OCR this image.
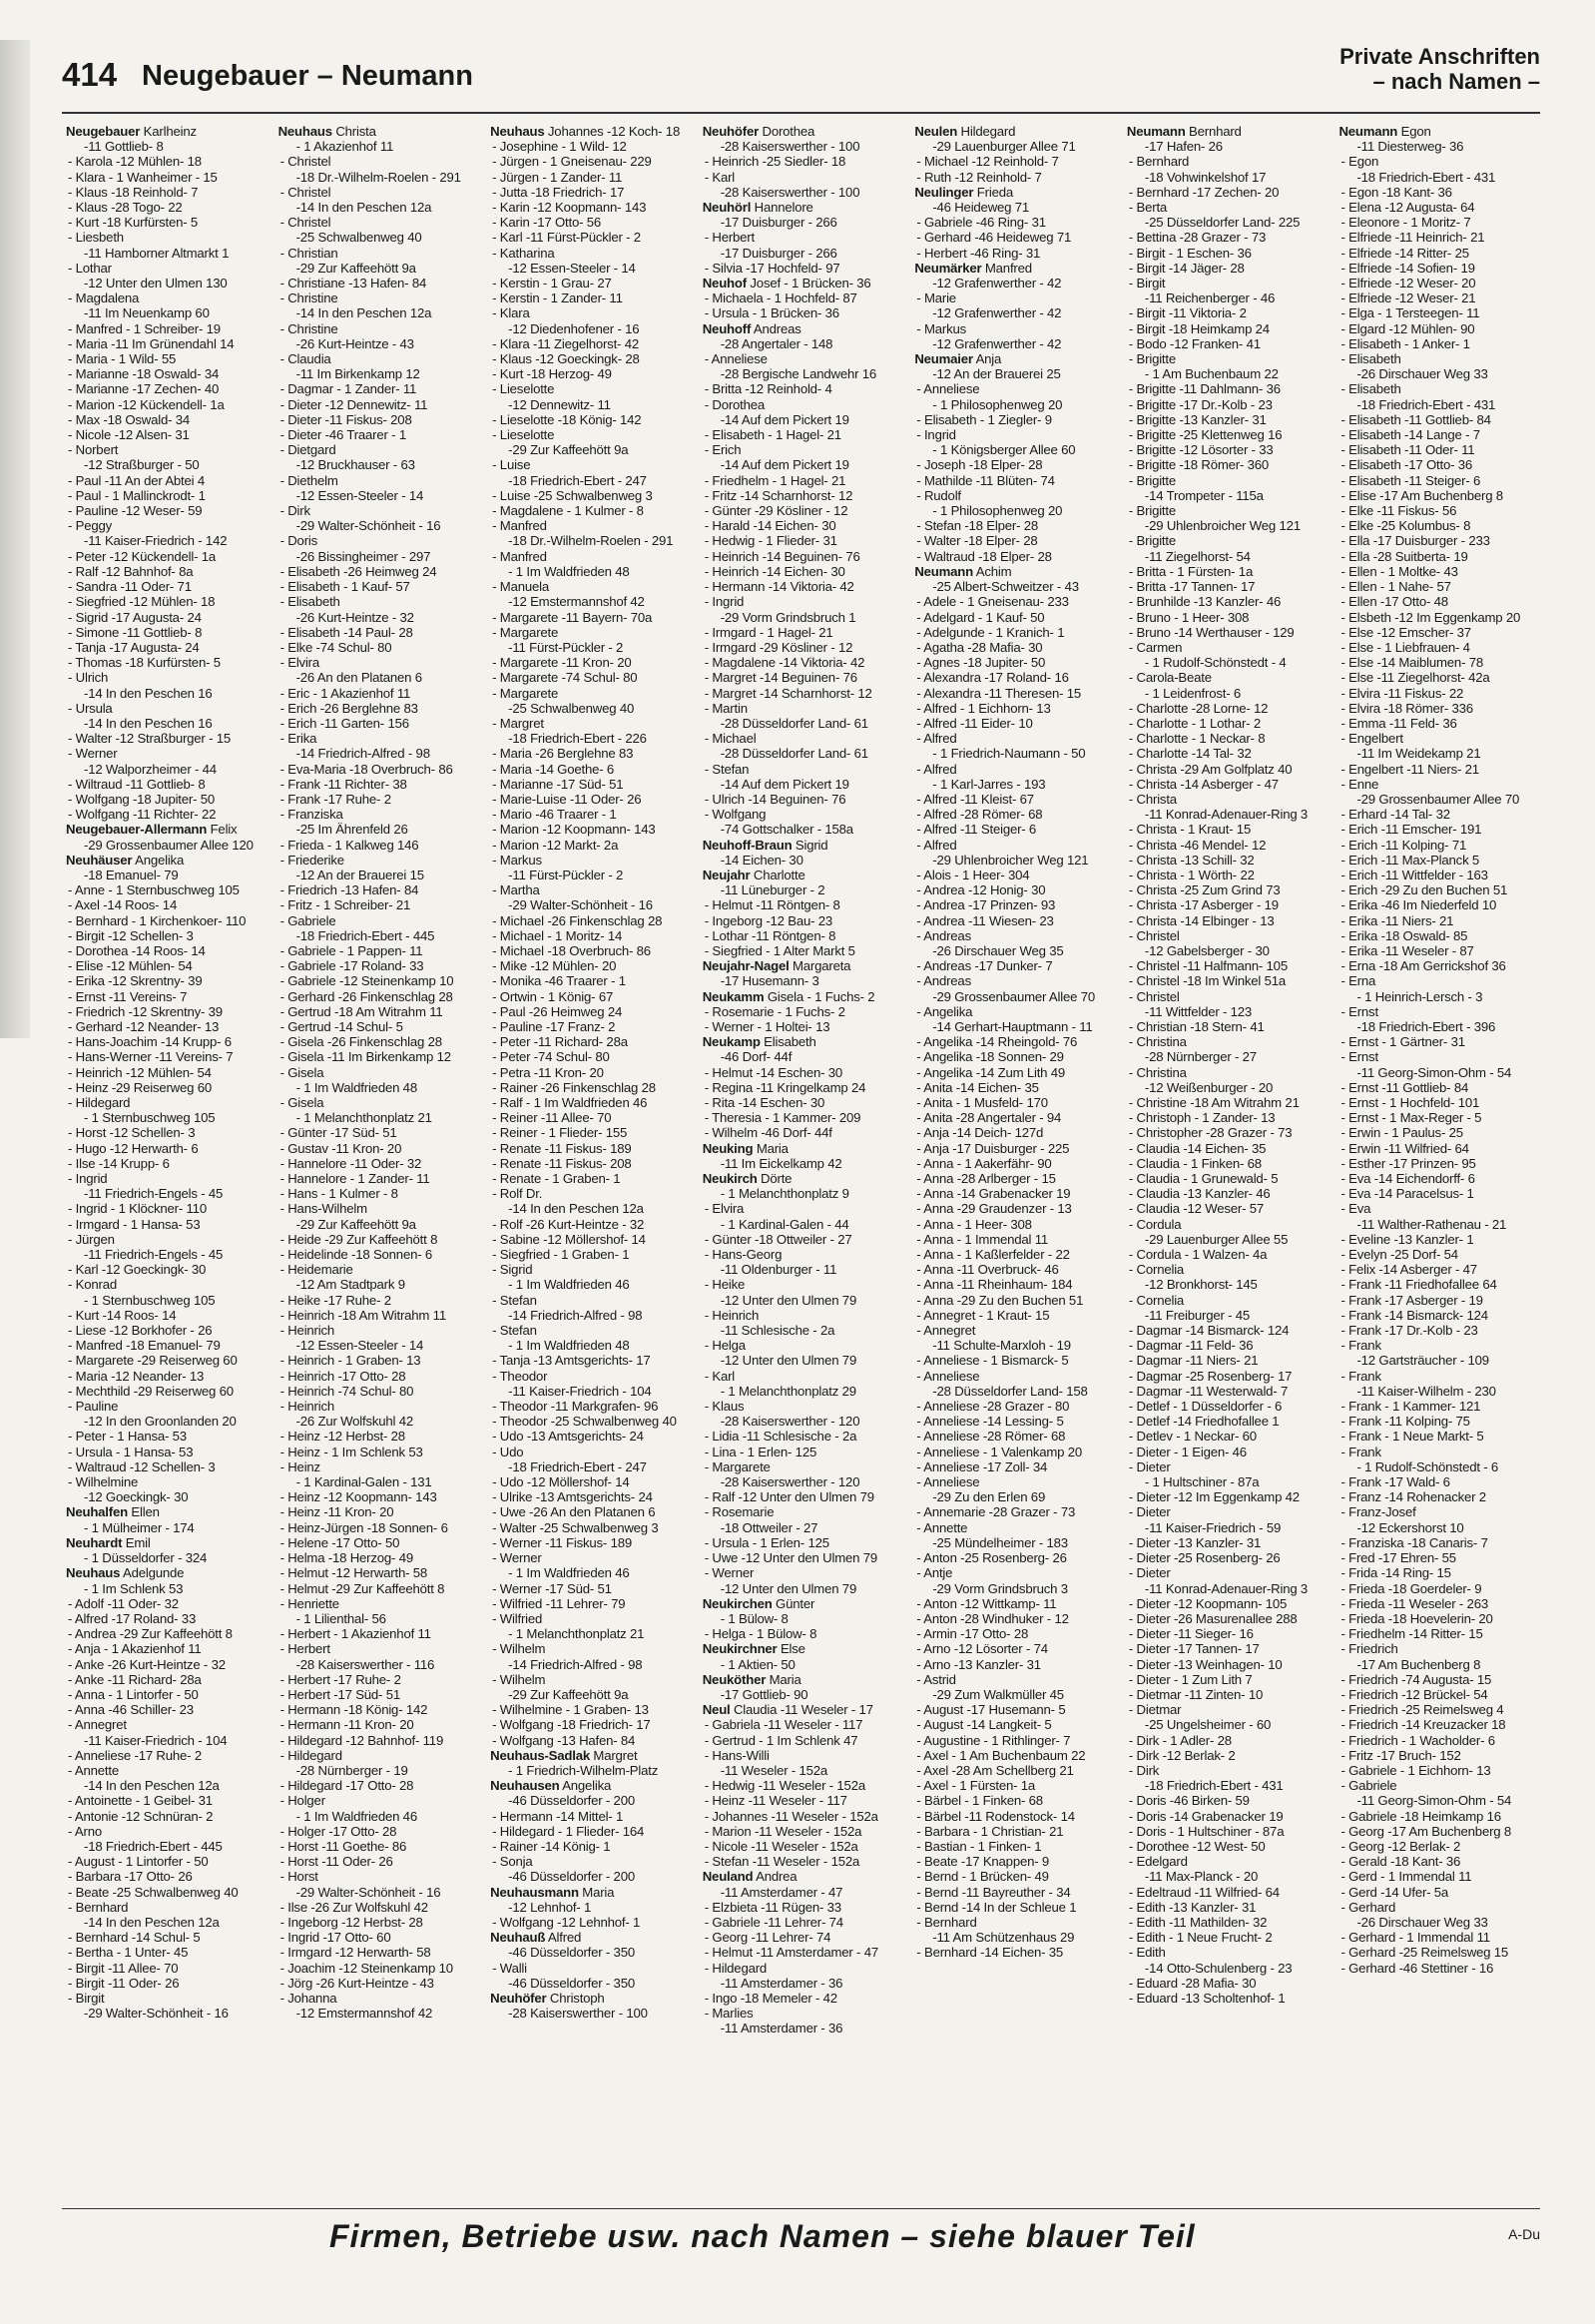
414 Neugebauer – Neumann
Private Anschriften
– nach Namen –
Neugebauer Karlheinz
-11 Gottlieb- 8
- Karola -12 Mühlen- 18
- Klara - 1 Wanheimer - 15
- Klaus -18 Reinhold- 7
- Klaus -28 Togo- 22
- Kurt -18 Kurfürsten- 5
- Liesbeth
-11 Hamborner Altmarkt 1
- Lothar
-12 Unter den Ulmen 130
- Magdalena
-11 Im Neuenkamp 60
- Manfred - 1 Schreiber- 19
- Maria -11 Im Grünendahl 14
- Maria - 1 Wild- 55
- Marianne -18 Oswald- 34
- Marianne -17 Zechen- 40
- Marion -12 Kückendell- 1a
- Max -18 Oswald- 34
- Nicole -12 Alsen- 31
- Norbert
-12 Straßburger - 50
- Paul -11 An der Abtei 4
- Paul - 1 Mallinckrodt- 1
- Pauline -12 Weser- 59
- Peggy
-11 Kaiser-Friedrich - 142
- Peter -12 Kückendell- 1a
- Ralf -12 Bahnhof- 8a
- Sandra -11 Oder- 71
- Siegfried -12 Mühlen- 18
- Sigrid -17 Augusta- 24
- Simone -11 Gottlieb- 8
- Tanja -17 Augusta- 24
- Thomas -18 Kurfürsten- 5
- Ulrich
-14 In den Peschen 16
- Ursula
-14 In den Peschen 16
- Walter -12 Straßburger - 15
- Werner
-12 Walporzheimer - 44
- Wiltraud -11 Gottlieb- 8
- Wolfgang -18 Jupiter- 50
- Wolfgang -11 Richter- 22
Neugebauer-Allermann Felix
-29 Grossenbaumer Allee 120
Neuhäuser Angelika
-18 Emanuel- 79
- Anne - 1 Sternbuschweg 105
- Axel -14 Roos- 14
- Bernhard - 1 Kirchenkoer- 110
- Birgit -12 Schellen- 3
- Dorothea -14 Roos- 14
- Elise -12 Mühlen- 54
- Erika -12 Skrentny- 39
- Ernst -11 Vereins- 7
- Friedrich -12 Skrentny- 39
- Gerhard -12 Neander- 13
- Hans-Joachim -14 Krupp- 6
- Hans-Werner -11 Vereins- 7
- Heinrich -12 Mühlen- 54
- Heinz -29 Reiserweg 60
- Hildegard
- 1 Sternbuschweg 105
- Horst -12 Schellen- 3
- Hugo -12 Herwarth- 6
- Ilse -14 Krupp- 6
- Ingrid
-11 Friedrich-Engels - 45
- Ingrid - 1 Klöckner- 110
- Irmgard - 1 Hansa- 53
- Jürgen
-11 Friedrich-Engels - 45
- Karl -12 Goeckingk- 30
- Konrad
- 1 Sternbuschweg 105
- Kurt -14 Roos- 14
- Liese -12 Borkhofer - 26
- Manfred -18 Emanuel- 79
- Margarete -29 Reiserweg 60
- Maria -12 Neander- 13
- Mechthild -29 Reiserweg 60
- Pauline
-12 In den Groonlanden 20
- Peter - 1 Hansa- 53
- Ursula - 1 Hansa- 53
- Waltraud -12 Schellen- 3
- Wilhelmine
-12 Goeckingk- 30
Neuhalfen Ellen
- 1 Mülheimer - 174
Neuhardt Emil
- 1 Düsseldorfer - 324
Neuhaus Adelgunde
- 1 Im Schlenk 53
- Adolf -11 Oder- 32
- Alfred -17 Roland- 33
- Andrea -29 Zur Kaffeehött 8
- Anja - 1 Akazienhof 11
- Anke -26 Kurt-Heintze - 32
- Anke -11 Richard- 28a
- Anna - 1 Lintorfer - 50
- Anna -46 Schiller- 23
- Annegret
-11 Kaiser-Friedrich - 104
- Anneliese -17 Ruhe- 2
- Annette
-14 In den Peschen 12a
- Antoinette - 1 Geibel- 31
- Antonie -12 Schnüran- 2
- Arno
-18 Friedrich-Ebert - 445
- August - 1 Lintorfer - 50
- Barbara -17 Otto- 26
- Beate -25 Schwalbenweg 40
- Bernhard
-14 In den Peschen 12a
- Bernhard -14 Schul- 5
- Bertha - 1 Unter- 45
- Birgit -11 Allee- 70
- Birgit -11 Oder- 26
- Birgit
-29 Walter-Schönheit - 16
Neuhaus Christa
- 1 Akazienhof 11
- Christel
-18 Dr.-Wilhelm-Roelen - 291
- Christel
-14 In den Peschen 12a
- Christel
-25 Schwalbenweg 40
- Christian
-29 Zur Kaffeehött 9a
- Christiane -13 Hafen- 84
- Christine
-14 In den Peschen 12a
- Christine
-26 Kurt-Heintze - 43
- Claudia
-11 Im Birkenkamp 12
- Dagmar - 1 Zander- 11
- Dieter -12 Dennewitz- 11
- Dieter -11 Fiskus- 208
- Dieter -46 Traarer - 1
- Dietgard
-12 Bruckhauser - 63
- Diethelm
-12 Essen-Steeler - 14
- Dirk
-29 Walter-Schönheit - 16
- Doris
-26 Bissingheimer - 297
- Elisabeth -26 Heimweg 24
- Elisabeth - 1 Kauf- 57
- Elisabeth
-26 Kurt-Heintze - 32
- Elisabeth -14 Paul- 28
- Elke -74 Schul- 80
- Elvira
-26 An den Platanen 6
- Eric - 1 Akazienhof 11
- Erich -26 Berglehne 83
- Erich -11 Garten- 156
- Erika
-14 Friedrich-Alfred - 98
- Eva-Maria -18 Overbruch- 86
- Frank -11 Richter- 38
- Frank -17 Ruhe- 2
- Franziska
-25 Im Ährenfeld 26
- Frieda - 1 Kalkweg 146
- Friederike
-12 An der Brauerei 15
- Friedrich -13 Hafen- 84
- Fritz - 1 Schreiber- 21
- Gabriele
-18 Friedrich-Ebert - 445
- Gabriele - 1 Pappen- 11
- Gabriele -17 Roland- 33
- Gabriele -12 Steinenkamp 10
- Gerhard -26 Finkenschlag 28
- Gertrud -18 Am Witrahm 11
- Gertrud -14 Schul- 5
- Gisela -26 Finkenschlag 28
- Gisela -11 Im Birkenkamp 12
- Gisela
- 1 Im Waldfrieden 48
- Gisela
- 1 Melanchthonplatz 21
- Günter -17 Süd- 51
- Gustav -11 Kron- 20
- Hannelore -11 Oder- 32
- Hannelore - 1 Zander- 11
- Hans - 1 Kulmer - 8
- Hans-Wilhelm
-29 Zur Kaffeehött 9a
- Heide -29 Zur Kaffeehött 8
- Heidelinde -18 Sonnen- 6
- Heidemarie
-12 Am Stadtpark 9
- Heike -17 Ruhe- 2
- Heinrich -18 Am Witrahm 11
- Heinrich
-12 Essen-Steeler - 14
- Heinrich - 1 Graben- 13
- Heinrich -17 Otto- 28
- Heinrich -74 Schul- 80
- Heinrich
-26 Zur Wolfskuhl 42
- Heinz -12 Herbst- 28
- Heinz - 1 Im Schlenk 53
- Heinz
- 1 Kardinal-Galen - 131
- Heinz -12 Koopmann- 143
- Heinz -11 Kron- 20
- Heinz-Jürgen -18 Sonnen- 6
- Helene -17 Otto- 50
- Helma -18 Herzog- 49
- Helmut -12 Herwarth- 58
- Helmut -29 Zur Kaffeehött 8
- Henriette
- 1 Lilienthal- 56
- Herbert - 1 Akazienhof 11
- Herbert
-28 Kaiserswerther - 116
- Herbert -17 Ruhe- 2
- Herbert -17 Süd- 51
- Hermann -18 König- 142
- Hermann -11 Kron- 20
- Hildegard -12 Bahnhof- 119
- Hildegard
-28 Nürnberger - 19
- Hildegard -17 Otto- 28
- Holger
- 1 Im Waldfrieden 46
- Holger -17 Otto- 28
- Horst -11 Goethe- 86
- Horst -11 Oder- 26
- Horst
-29 Walter-Schönheit - 16
- Ilse -26 Zur Wolfskuhl 42
- Ingeborg -12 Herbst- 28
- Ingrid -17 Otto- 60
- Irmgard -12 Herwarth- 58
- Joachim -12 Steinenkamp 10
- Jörg -26 Kurt-Heintze - 43
- Johanna
-12 Emstermannshof 42
Neuhaus Johannes -12 Koch- 18
- Josephine - 1 Wild- 12
- Jürgen - 1 Gneisenau- 229
- Jürgen - 1 Zander- 11
- Jutta -18 Friedrich- 17
- Karin -12 Koopmann- 143
- Karin -17 Otto- 56
- Karl -11 Fürst-Pückler - 2
- Katharina
-12 Essen-Steeler - 14
- Kerstin - 1 Grau- 27
- Kerstin - 1 Zander- 11
- Klara
-12 Diedenhofener - 16
- Klara -11 Ziegelhorst- 42
- Klaus -12 Goeckingk- 28
- Kurt -18 Herzog- 49
- Lieselotte
-12 Dennewitz- 11
- Lieselotte -18 König- 142
- Lieselotte
-29 Zur Kaffeehött 9a
- Luise
-18 Friedrich-Ebert - 247
- Luise -25 Schwalbenweg 3
- Magdalene - 1 Kulmer - 8
- Manfred
-18 Dr.-Wilhelm-Roelen - 291
- Manfred
- 1 Im Waldfrieden 48
- Manuela
-12 Emstermannshof 42
- Margarete -11 Bayern- 70a
- Margarete
-11 Fürst-Pückler - 2
- Margarete -11 Kron- 20
- Margarete -74 Schul- 80
- Margarete
-25 Schwalbenweg 40
- Margret
-18 Friedrich-Ebert - 226
- Maria -26 Berglehne 83
- Maria -14 Goethe- 6
- Marianne -17 Süd- 51
- Marie-Luise -11 Oder- 26
- Mario -46 Traarer - 1
- Marion -12 Koopmann- 143
- Marion -12 Markt- 2a
- Markus
-11 Fürst-Pückler - 2
- Martha
-29 Walter-Schönheit - 16
- Michael -26 Finkenschlag 28
- Michael - 1 Moritz- 14
- Michael -18 Overbruch- 86
- Mike -12 Mühlen- 20
- Monika -46 Traarer - 1
- Ortwin - 1 König- 67
- Paul -26 Heimweg 24
- Pauline -17 Franz- 2
- Peter -11 Richard- 28a
- Peter -74 Schul- 80
- Petra -11 Kron- 20
- Rainer -26 Finkenschlag 28
- Ralf - 1 Im Waldfrieden 46
- Reiner -11 Allee- 70
- Reiner - 1 Flieder- 155
- Renate -11 Fiskus- 189
- Renate -11 Fiskus- 208
- Renate - 1 Graben- 1
- Rolf Dr.
-14 In den Peschen 12a
- Rolf -26 Kurt-Heintze - 32
- Sabine -12 Möllershof- 14
- Siegfried - 1 Graben- 1
- Sigrid
- 1 Im Waldfrieden 46
- Stefan
-14 Friedrich-Alfred - 98
- Stefan
- 1 Im Waldfrieden 48
- Tanja -13 Amtsgerichts- 17
- Theodor
-11 Kaiser-Friedrich - 104
- Theodor -11 Markgrafen- 96
- Theodor -25 Schwalbenweg 40
- Udo -13 Amtsgerichts- 24
- Udo
-18 Friedrich-Ebert - 247
- Udo -12 Möllershof- 14
- Ulrike -13 Amtsgerichts- 24
- Uwe -26 An den Platanen 6
- Walter -25 Schwalbenweg 3
- Werner -11 Fiskus- 189
- Werner
- 1 Im Waldfrieden 46
- Werner -17 Süd- 51
- Wilfried -11 Lehrer- 79
- Wilfried
- 1 Melanchthonplatz 21
- Wilhelm
-14 Friedrich-Alfred - 98
- Wilhelm
-29 Zur Kaffeehött 9a
- Wilhelmine - 1 Graben- 13
- Wolfgang -18 Friedrich- 17
- Wolfgang -13 Hafen- 84
Neuhaus-Sadlak Margret
- 1 Friedrich-Wilhelm-Platz
Neuhausen Angelika
-46 Düsseldorfer - 200
- Hermann -14 Mittel- 1
- Hildegard - 1 Flieder- 164
- Rainer -14 König- 1
- Sonja
-46 Düsseldorfer - 200
Neuhausmann Maria
-12 Lehnhof- 1
- Wolfgang -12 Lehnhof- 1
Neuhauß Alfred
-46 Düsseldorfer - 350
- Walli
-46 Düsseldorfer - 350
Neuhöfer Christoph
-28 Kaiserswerther - 100
Neuhöfer Dorothea
-28 Kaiserswerther - 100
- Heinrich -25 Siedler- 18
- Karl
-28 Kaiserswerther - 100
Neuhörl Hannelore
-17 Duisburger - 266
- Herbert
-17 Duisburger - 266
- Silvia -17 Hochfeld- 97
Neuhof Josef - 1 Brücken- 36
- Michaela - 1 Hochfeld- 87
- Ursula - 1 Brücken- 36
Neuhoff Andreas
-28 Angertaler - 148
- Anneliese
-28 Bergische Landwehr 16
- Britta -12 Reinhold- 4
- Dorothea
-14 Auf dem Pickert 19
- Elisabeth - 1 Hagel- 21
- Erich
-14 Auf dem Pickert 19
- Friedhelm - 1 Hagel- 21
- Fritz -14 Scharnhorst- 12
- Günter -29 Kösliner - 12
- Harald -14 Eichen- 30
- Hedwig - 1 Flieder- 31
- Heinrich -14 Beguinen- 76
- Heinrich -14 Eichen- 30
- Hermann -14 Viktoria- 42
- Ingrid
-29 Vorm Grindsbruch 1
- Irmgard - 1 Hagel- 21
- Irmgard -29 Kösliner - 12
- Magdalene -14 Viktoria- 42
- Margret -14 Beguinen- 76
- Margret -14 Scharnhorst- 12
- Martin
-28 Düsseldorfer Land- 61
- Michael
-28 Düsseldorfer Land- 61
- Stefan
-14 Auf dem Pickert 19
- Ulrich -14 Beguinen- 76
- Wolfgang
-74 Gottschalker - 158a
Neuhoff-Braun Sigrid
-14 Eichen- 30
Neujahr Charlotte
-11 Lüneburger - 2
- Helmut -11 Röntgen- 8
- Ingeborg -12 Bau- 23
- Lothar -11 Röntgen- 8
- Siegfried - 1 Alter Markt 5
Neujahr-Nagel Margareta
-17 Husemann- 3
Neukamm Gisela - 1 Fuchs- 2
- Rosemarie - 1 Fuchs- 2
- Werner - 1 Holtei- 13
Neukamp Elisabeth
-46 Dorf- 44f
- Helmut -14 Eschen- 30
- Regina -11 Kringelkamp 24
- Rita -14 Eschen- 30
- Theresia - 1 Kammer- 209
- Wilhelm -46 Dorf- 44f
Neuking Maria
-11 Im Eickelkamp 42
Neukirch Dörte
- 1 Melanchthonplatz 9
- Elvira
- 1 Kardinal-Galen - 44
- Günter -18 Ottweiler - 27
- Hans-Georg
-11 Oldenburger - 11
- Heike
-12 Unter den Ulmen 79
- Heinrich
-11 Schlesische - 2a
- Helga
-12 Unter den Ulmen 79
- Karl
- 1 Melanchthonplatz 29
- Klaus
-28 Kaiserswerther - 120
- Lidia -11 Schlesische - 2a
- Lina - 1 Erlen- 125
- Margarete
-28 Kaiserswerther - 120
- Ralf -12 Unter den Ulmen 79
- Rosemarie
-18 Ottweiler - 27
- Ursula - 1 Erlen- 125
- Uwe -12 Unter den Ulmen 79
- Werner
-12 Unter den Ulmen 79
Neukirchen Günter
- 1 Bülow- 8
- Helga - 1 Bülow- 8
Neukirchner Else
- 1 Aktien- 50
Neuköther Maria
-17 Gottlieb- 90
Neul Claudia -11 Weseler - 17
- Gabriela -11 Weseler - 117
- Gertrud - 1 Im Schlenk 47
- Hans-Willi
-11 Weseler - 152a
- Hedwig -11 Weseler - 152a
- Heinz -11 Weseler - 117
- Johannes -11 Weseler - 152a
- Marion -11 Weseler - 152a
- Nicole -11 Weseler - 152a
- Stefan -11 Weseler - 152a
Neuland Andrea
-11 Amsterdamer - 47
- Elzbieta -11 Rügen- 33
- Gabriele -11 Lehrer- 74
- Georg -11 Lehrer- 74
- Helmut -11 Amsterdamer - 47
- Hildegard
-11 Amsterdamer - 36
- Ingo -18 Memeler - 42
- Marlies
-11 Amsterdamer - 36
Neulen Hildegard
-29 Lauenburger Allee 71
- Michael -12 Reinhold- 7
- Ruth -12 Reinhold- 7
Neulinger Frieda
-46 Heideweg 71
- Gabriele -46 Ring- 31
- Gerhard -46 Heideweg 71
- Herbert -46 Ring- 31
Neumärker Manfred
-12 Grafenwerther - 42
- Marie
-12 Grafenwerther - 42
- Markus
-12 Grafenwerther - 42
Neumaier Anja
-12 An der Brauerei 25
- Anneliese
- 1 Philosophenweg 20
- Elisabeth - 1 Ziegler- 9
- Ingrid
- 1 Königsberger Allee 60
- Joseph -18 Elper- 28
- Mathilde -11 Blüten- 74
- Rudolf
- 1 Philosophenweg 20
- Stefan -18 Elper- 28
- Walter -18 Elper- 28
- Waltraud -18 Elper- 28
Neumann Achim
-25 Albert-Schweitzer - 43
- Adele - 1 Gneisenau- 233
- Adelgard - 1 Kauf- 50
- Adelgunde - 1 Kranich- 1
- Agatha -28 Mafia- 30
- Agnes -18 Jupiter- 50
- Alexandra -17 Roland- 16
- Alexandra -11 Theresen- 15
- Alfred - 1 Eichhorn- 13
- Alfred -11 Eider- 10
- Alfred
- 1 Friedrich-Naumann - 50
- Alfred
- 1 Karl-Jarres - 193
- Alfred -11 Kleist- 67
- Alfred -28 Römer- 68
- Alfred -11 Steiger- 6
- Alfred
-29 Uhlenbroicher Weg 121
- Alois - 1 Heer- 304
- Andrea -12 Honig- 30
- Andrea -17 Prinzen- 93
- Andrea -11 Wiesen- 23
- Andreas
-26 Dirschauer Weg 35
- Andreas -17 Dunker- 7
- Andreas
-29 Grossenbaumer Allee 70
- Angelika
-14 Gerhart-Hauptmann - 11
- Angelika -14 Rheingold- 76
- Angelika -18 Sonnen- 29
- Angelika -14 Zum Lith 49
- Anita -14 Eichen- 35
- Anita - 1 Musfeld- 170
- Anita -28 Angertaler - 94
- Anja -14 Deich- 127d
- Anja -17 Duisburger - 225
- Anna - 1 Aakerfähr- 90
- Anna -28 Arlberger - 15
- Anna -14 Grabenacker 19
- Anna -29 Graudenzer - 13
- Anna - 1 Heer- 308
- Anna - 1 Immendal 11
- Anna - 1 Kaßlerfelder - 22
- Anna -11 Overbruck- 46
- Anna -11 Rheinhaum- 184
- Anna -29 Zu den Buchen 51
- Annegret - 1 Kraut- 15
- Annegret
-11 Schulte-Marxloh - 19
- Anneliese - 1 Bismarck- 5
- Anneliese
-28 Düsseldorfer Land- 158
- Anneliese -28 Grazer - 80
- Anneliese -14 Lessing- 5
- Anneliese -28 Römer- 68
- Anneliese - 1 Valenkamp 20
- Anneliese -17 Zoll- 34
- Anneliese
-29 Zu den Erlen 69
- Annemarie -28 Grazer - 73
- Annette
-25 Mündelheimer - 183
- Anton -25 Rosenberg- 26
- Antje
-29 Vorm Grindsbruch 3
- Anton -12 Wittkamp- 11
- Anton -28 Windhuker - 12
- Armin -17 Otto- 28
- Arno -12 Lösorter - 74
- Arno -13 Kanzler- 31
- Astrid
-29 Zum Walkmüller 45
- August -17 Husemann- 5
- August -14 Langkeit- 5
- Augustine - 1 Rithlinger- 7
- Axel - 1 Am Buchenbaum 22
- Axel -28 Am Schellberg 21
- Axel - 1 Fürsten- 1a
- Bärbel - 1 Finken- 68
- Bärbel -11 Rodenstock- 14
- Barbara - 1 Christian- 21
- Bastian - 1 Finken- 1
- Beate -17 Knappen- 9
- Bernd - 1 Brücken- 49
- Bernd -11 Bayreuther - 34
- Bernd -14 In der Schleue 1
- Bernhard
-11 Am Schützenhaus 29
- Bernhard -14 Eichen- 35
Neumann Bernhard
-17 Hafen- 26
- Bernhard
-18 Vohwinkelshof 17
- Bernhard -17 Zechen- 20
- Berta
-25 Düsseldorfer Land- 225
- Bettina -28 Grazer - 73
- Birgit - 1 Eschen- 36
- Birgit -14 Jäger- 28
- Birgit
-11 Reichenberger - 46
- Birgit -11 Viktoria- 2
- Birgit -18 Heimkamp 24
- Bodo -12 Franken- 41
- Brigitte
- 1 Am Buchenbaum 22
- Brigitte -11 Dahlmann- 36
- Brigitte -17 Dr.-Kolb - 23
- Brigitte -13 Kanzler- 31
- Brigitte -25 Klettenweg 16
- Brigitte -12 Lösorter - 33
- Brigitte -18 Römer- 360
- Brigitte
-14 Trompeter - 115a
- Brigitte
-29 Uhlenbroicher Weg 121
- Brigitte
-11 Ziegelhorst- 54
- Britta - 1 Fürsten- 1a
- Britta -17 Tannen- 17
- Brunhilde -13 Kanzler- 46
- Bruno - 1 Heer- 308
- Bruno -14 Werthauser - 129
- Carmen
- 1 Rudolf-Schönstedt - 4
- Carola-Beate
- 1 Leidenfrost- 6
- Charlotte -28 Lorne- 12
- Charlotte - 1 Lothar- 2
- Charlotte - 1 Neckar- 8
- Charlotte -14 Tal- 32
- Christa -29 Am Golfplatz 40
- Christa -14 Asberger - 47
- Christa
-11 Konrad-Adenauer-Ring 3
- Christa - 1 Kraut- 15
- Christa -46 Mendel- 12
- Christa -13 Schill- 32
- Christa - 1 Wörth- 22
- Christa -25 Zum Grind 73
- Christa -17 Asberger - 19
- Christa -14 Elbinger - 13
- Christel
-12 Gabelsberger - 30
- Christel -11 Halfmann- 105
- Christel -18 Im Winkel 51a
- Christel
-11 Wittfelder - 123
- Christian -18 Stern- 41
- Christina
-28 Nürnberger - 27
- Christina
-12 Weißenburger - 20
- Christine -18 Am Witrahm 21
- Christoph - 1 Zander- 13
- Christopher -28 Grazer - 73
- Claudia -14 Eichen- 35
- Claudia - 1 Finken- 68
- Claudia - 1 Grunewald- 5
- Claudia -13 Kanzler- 46
- Claudia -12 Weser- 57
- Cordula
-29 Lauenburger Allee 55
- Cordula - 1 Walzen- 4a
- Cornelia
-12 Bronkhorst- 145
- Cornelia
-11 Freiburger - 45
- Dagmar -14 Bismarck- 124
- Dagmar -11 Feld- 36
- Dagmar -11 Niers- 21
- Dagmar -25 Rosenberg- 17
- Dagmar -11 Westerwald- 7
- Detlef - 1 Düsseldorfer - 6
- Detlef -14 Friedhofallee 1
- Detlev - 1 Neckar- 60
- Dieter - 1 Eigen- 46
- Dieter
- 1 Hultschiner - 87a
- Dieter -12 Im Eggenkamp 42
- Dieter
-11 Kaiser-Friedrich - 59
- Dieter -13 Kanzler- 31
- Dieter -25 Rosenberg- 26
- Dieter
-11 Konrad-Adenauer-Ring 3
- Dieter -12 Koopmann- 105
- Dieter -26 Masurenallee 288
- Dieter -11 Sieger- 16
- Dieter -17 Tannen- 17
- Dieter -13 Weinhagen- 10
- Dieter - 1 Zum Lith 7
- Dietmar -11 Zinten- 10
- Dietmar
-25 Ungelsheimer - 60
- Dirk - 1 Adler- 28
- Dirk -12 Berlak- 2
- Dirk
-18 Friedrich-Ebert - 431
- Doris -46 Birken- 59
- Doris -14 Grabenacker 19
- Doris - 1 Hultschiner - 87a
- Dorothee -12 West- 50
- Edelgard
-11 Max-Planck - 20
- Edeltraud -11 Wilfried- 64
- Edith -13 Kanzler- 31
- Edith -11 Mathilden- 32
- Edith - 1 Neue Frucht- 2
- Edith
-14 Otto-Schulenberg - 23
- Eduard -28 Mafia- 30
- Eduard -13 Scholtenhof- 1
Neumann Egon
-11 Diesterweg- 36
- Egon
-18 Friedrich-Ebert - 431
- Egon -18 Kant- 36
- Elena -12 Augusta- 64
- Eleonore - 1 Moritz- 7
- Elfriede -11 Heinrich- 21
- Elfriede -14 Ritter- 25
- Elfriede -14 Sofien- 19
- Elfriede -12 Weser- 20
- Elfriede -12 Weser- 21
- Elga - 1 Tersteegen- 11
- Elgard -12 Mühlen- 90
- Elisabeth - 1 Anker- 1
- Elisabeth
-26 Dirschauer Weg 33
- Elisabeth
-18 Friedrich-Ebert - 431
- Elisabeth -11 Gottlieb- 84
- Elisabeth -14 Lange - 7
- Elisabeth -11 Oder- 11
- Elisabeth -17 Otto- 36
- Elisabeth -11 Steiger- 6
- Elise -17 Am Buchenberg 8
- Elke -11 Fiskus- 56
- Elke -25 Kolumbus- 8
- Ella -17 Duisburger - 233
- Ella -28 Suitberta- 19
- Ellen - 1 Moltke- 43
- Ellen - 1 Nahe- 57
- Ellen -17 Otto- 48
- Elsbeth -12 Im Eggenkamp 20
- Else -12 Emscher- 37
- Else - 1 Liebfrauen- 4
- Else -14 Maiblumen- 78
- Else -11 Ziegelhorst- 42a
- Elvira -11 Fiskus- 22
- Elvira -18 Römer- 336
- Emma -11 Feld- 36
- Engelbert
-11 Im Weidekamp 21
- Engelbert -11 Niers- 21
- Enne
-29 Grossenbaumer Allee 70
- Erhard -14 Tal- 32
- Erich -11 Emscher- 191
- Erich -11 Kolping- 71
- Erich -11 Max-Planck 5
- Erich -11 Wittfelder - 163
- Erich -29 Zu den Buchen 51
- Erika -46 Im Niederfeld 10
- Erika -11 Niers- 21
- Erika -18 Oswald- 85
- Erika -11 Weseler - 87
- Erna -18 Am Gerrickshof 36
- Erna
- 1 Heinrich-Lersch - 3
- Ernst
-18 Friedrich-Ebert - 396
- Ernst - 1 Gärtner- 31
- Ernst
-11 Georg-Simon-Ohm - 54
- Ernst -11 Gottlieb- 84
- Ernst - 1 Hochfeld- 101
- Ernst - 1 Max-Reger - 5
- Erwin - 1 Paulus- 25
- Erwin -11 Wilfried- 64
- Esther -17 Prinzen- 95
- Eva -14 Eichendorff- 6
- Eva -14 Paracelsus- 1
- Eva
-11 Walther-Rathenau - 21
- Eveline -13 Kanzler- 1
- Evelyn -25 Dorf- 54
- Felix -14 Asberger - 47
- Frank -11 Friedhofallee 64
- Frank -17 Asberger - 19
- Frank -14 Bismarck- 124
- Frank -17 Dr.-Kolb - 23
- Frank
-12 Gartsträucher - 109
- Frank
-11 Kaiser-Wilhelm - 230
- Frank - 1 Kammer- 121
- Frank -11 Kolping- 75
- Frank - 1 Neue Markt- 5
- Frank
- 1 Rudolf-Schönstedt - 6
- Frank -17 Wald- 6
- Franz -14 Rohenacker 2
- Franz-Josef
-12 Eckershorst 10
- Franziska -18 Canaris- 7
- Fred -17 Ehren- 55
- Frida -14 Ring- 15
- Frieda -18 Goerdeler- 9
- Frieda -11 Weseler - 263
- Frieda -18 Hoevelerin- 20
- Friedhelm -14 Ritter- 15
- Friedrich
-17 Am Buchenberg 8
- Friedrich -74 Augusta- 15
- Friedrich -12 Brückel- 54
- Friedrich -25 Reimelsweg 4
- Friedrich -14 Kreuzacker 18
- Friedrich - 1 Wacholder- 6
- Fritz -17 Bruch- 152
- Gabriele - 1 Eichhorn- 13
- Gabriele
-11 Georg-Simon-Ohm - 54
- Gabriele -18 Heimkamp 16
- Georg -17 Am Buchenberg 8
- Georg -12 Berlak- 2
- Gerald -18 Kant- 36
- Gerd - 1 Immendal 11
- Gerd -14 Ufer- 5a
- Gerhard
-26 Dirschauer Weg 33
- Gerhard - 1 Immendal 11
- Gerhard -25 Reimelsweg 15
- Gerhard -46 Stettiner - 16
Firmen, Betriebe usw. nach Namen – siehe blauer Teil	A-Du
